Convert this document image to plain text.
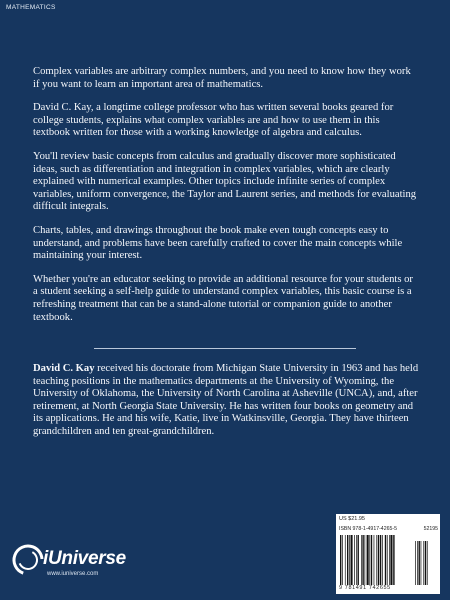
MATHEMATICS

Complex variables are arbitrary complex numbers, and you need to know how they work if you want to learn an important area of mathematics.

David C. Kay, a longtime college professor who has written several books geared for college students, explains what complex variables are and how to use them in this textbook written for those with a working knowledge of algebra and calculus.

You'll review basic concepts from calculus and gradually discover more sophisticated ideas, such as differentiation and integration in complex variables, which are clearly explained with numerical examples. Other topics include infinite series of complex variables, uniform convergence, the Taylor and Laurent series, and methods for evaluating difficult integrals.

Charts, tables, and drawings throughout the book make even tough concepts easy to understand, and problems have been carefully crafted to cover the main concepts while maintaining your interest.

Whether you're an educator seeking to provide an additional resource for your students or a student seeking a self-help guide to understand complex variables, this basic course is a refreshing treatment that can be a stand-alone tutorial or companion guide to another textbook.

David C. Kay received his doctorate from Michigan State University in 1963 and has held teaching positions in the mathematics departments at the University of Wyoming, the University of Oklahoma, the University of North Carolina at Asheville (UNCA), and, after retirement, at North Georgia State University. He has written four books on geometry and its applications. He and his wife, Katie, live in Watkinsville, Georgia. They have thirteen grandchildren and ten great-grandchildren.
iUniverse
www.iuniverse.com
US $21.95
ISBN 978-1-4917-4265-5	52195
9 781491 742655
